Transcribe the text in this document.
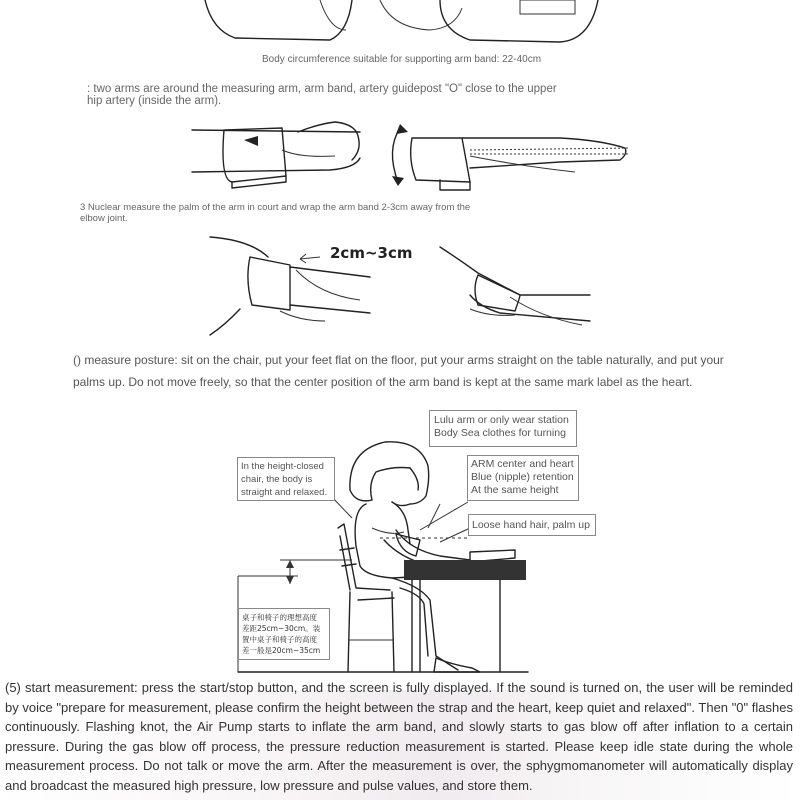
Body circumference suitable for supporting arm band: 22-40cm
: two arms are around the measuring arm, arm band, artery guidepost "O" close to the upper
hip artery (inside the arm).
3 Nuclear measure the palm of the arm in court and wrap the arm band 2-3cm away from the
elbow joint.
2cm~3cm
() measure posture: sit on the chair, put your feet flat on the floor, put your arms straight on the table naturally, and put your
palms up. Do not move freely, so that the center position of the arm band is kept at the same mark label as the heart.
Lulu arm or only wear station
Body Sea clothes for turning
In the height-closed
chair, the body is
straight and relaxed.
ARM center and heart
Blue (nipple) retention
At the same height
Loose hand hair, palm up
桌子和椅子的理想高度
差距25cm~30cm。装
置中桌子和椅子的高度
差一般是20cm~35cm
(5) start measurement: press the start/stop button, and the screen is fully displayed. If the sound is turned on, the user will be reminded by voice "prepare for measurement, please confirm the height between the strap and the heart, keep quiet and relaxed". Then "0" flashes continuously. Flashing knot, the Air Pump starts to inflate the arm band, and slowly starts to gas blow off after inflation to a certain pressure. During the gas blow off process, the pressure reduction measurement is started. Please keep idle state during the whole measurement process. Do not talk or move the arm. After the measurement is over, the sphygmomanometer will automatically display and broadcast the measured high pressure, low pressure and pulse values, and store them.
